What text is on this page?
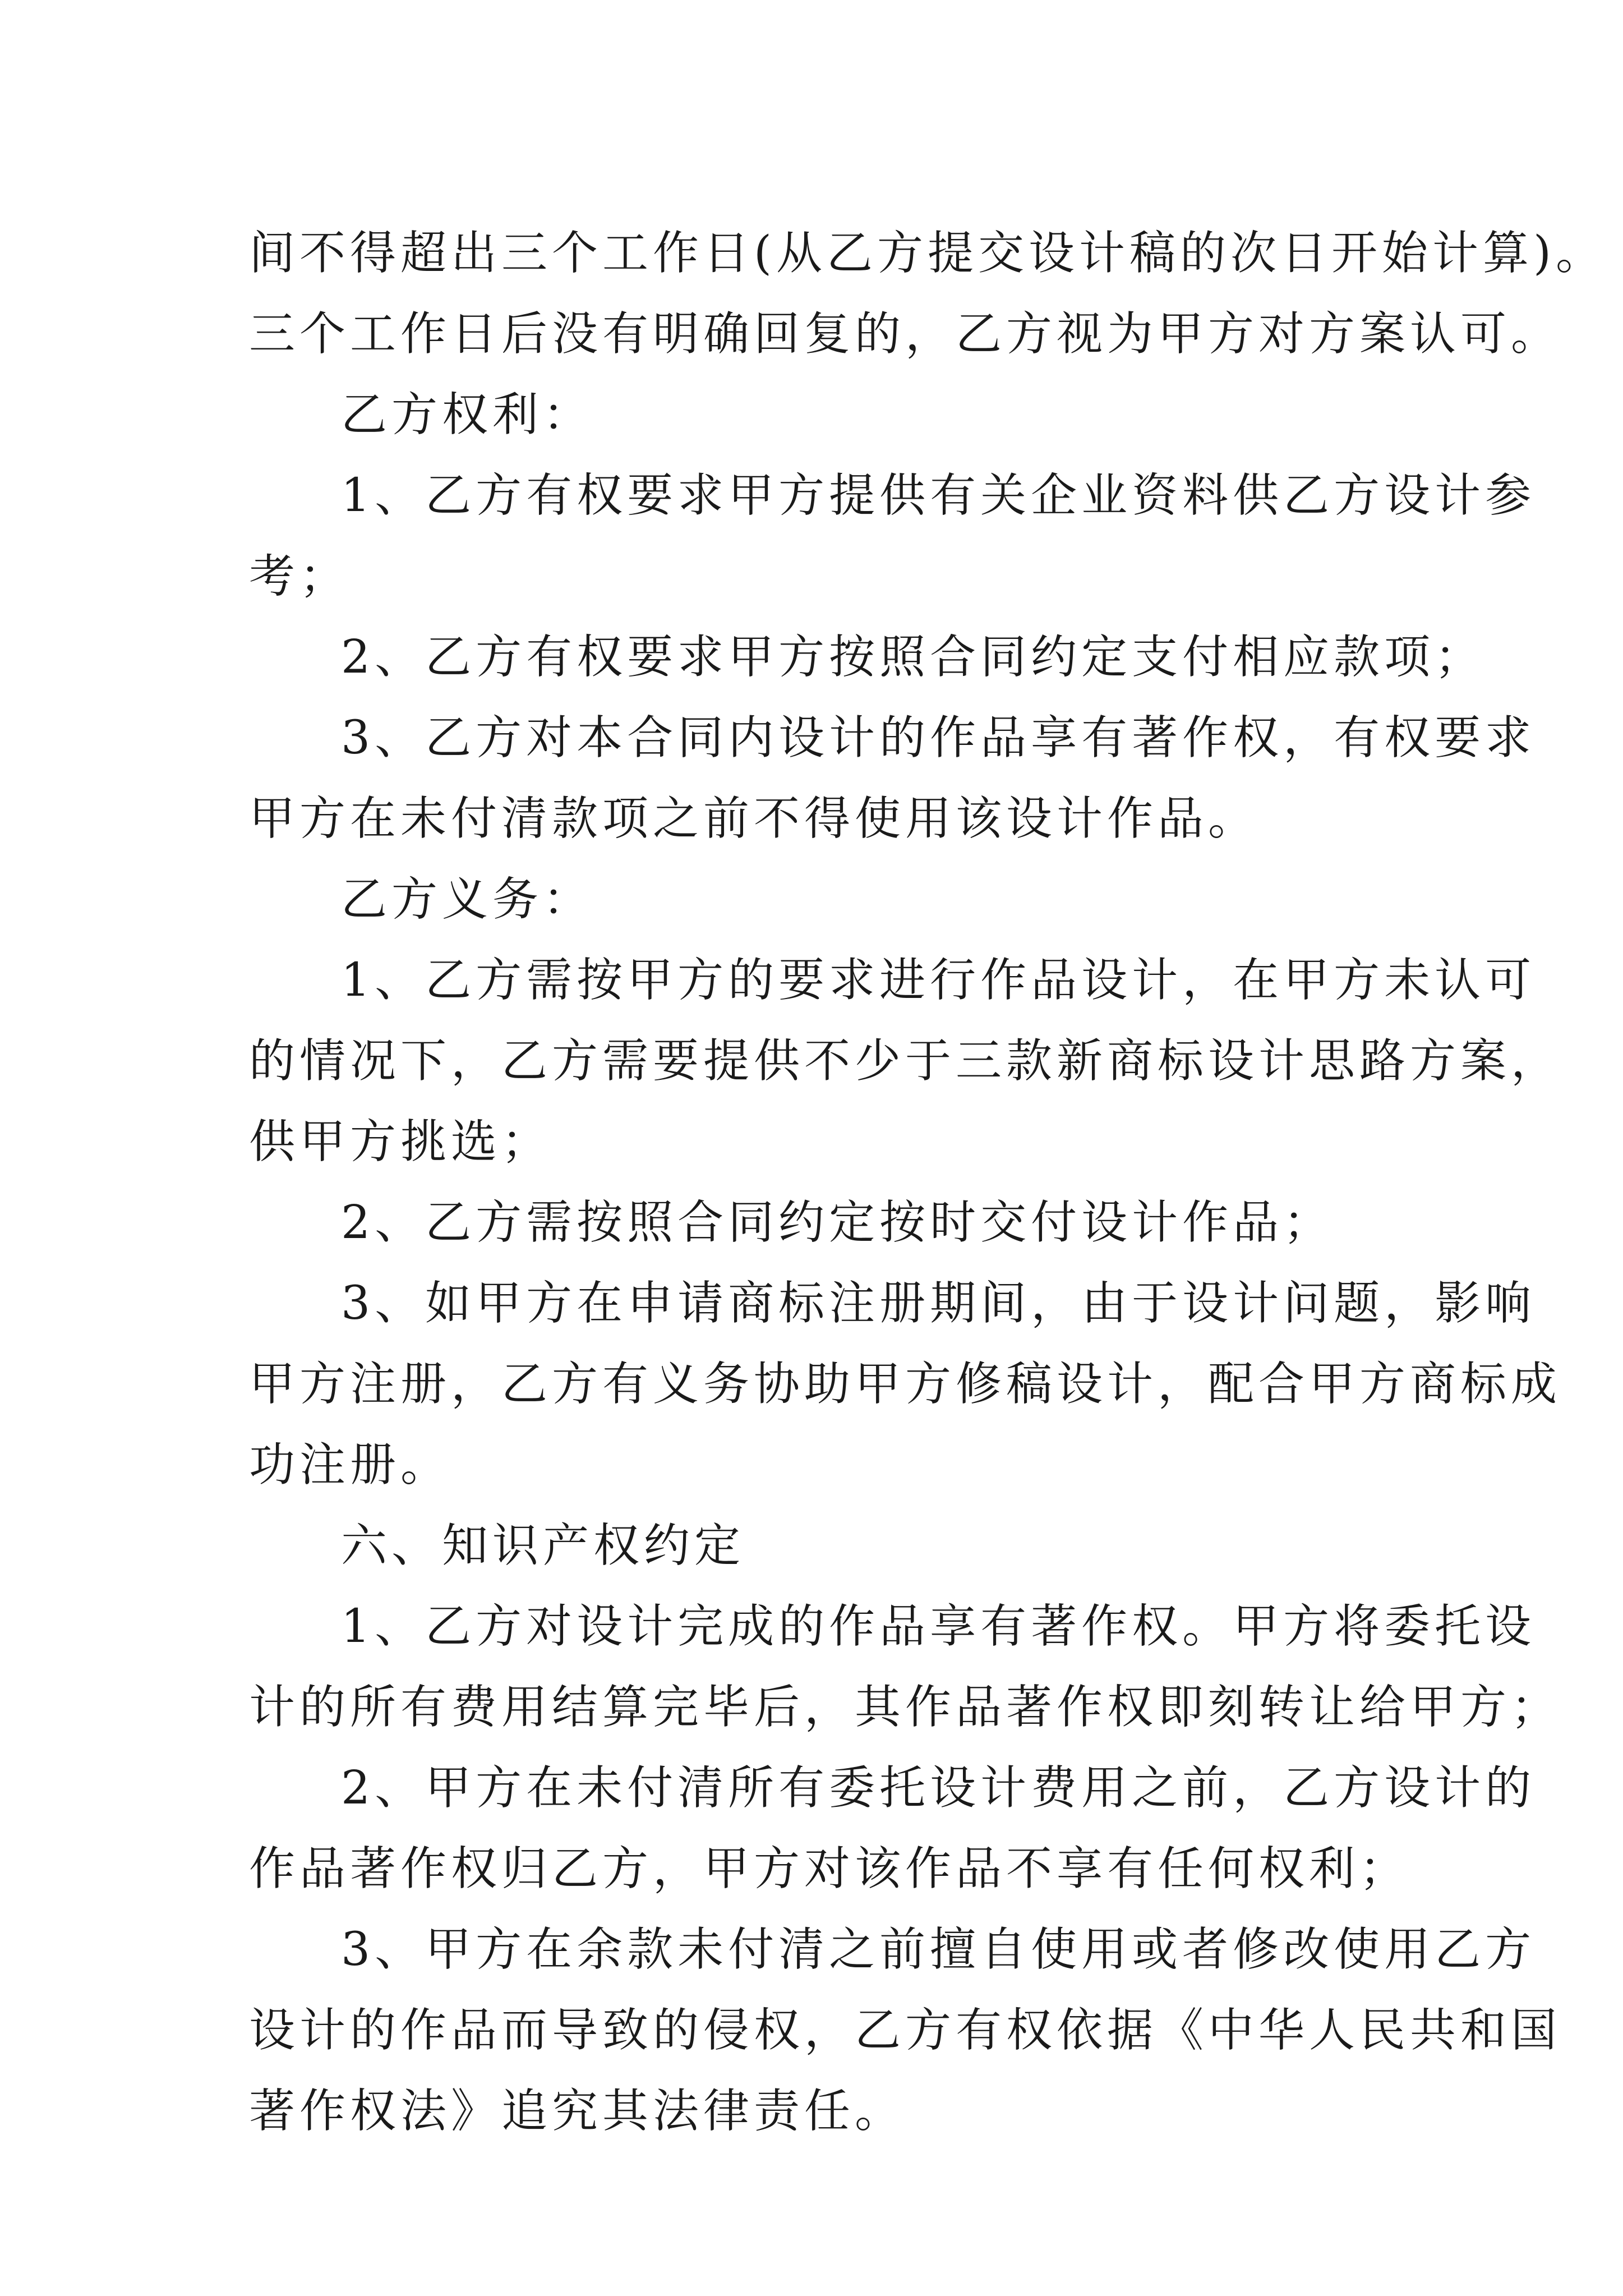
间不得超出三个工作日(从乙方提交设计稿的次日开始计算)。
三个工作日后没有明确回复的，乙方视为甲方对方案认可。
乙方权利：
1、乙方有权要求甲方提供有关企业资料供乙方设计参
考；
2、乙方有权要求甲方按照合同约定支付相应款项；
3、乙方对本合同内设计的作品享有著作权，有权要求
甲方在未付清款项之前不得使用该设计作品。
乙方义务：
1、乙方需按甲方的要求进行作品设计，在甲方未认可
的情况下，乙方需要提供不少于三款新商标设计思路方案，
供甲方挑选；
2、乙方需按照合同约定按时交付设计作品；
3、如甲方在申请商标注册期间，由于设计问题，影响
甲方注册，乙方有义务协助甲方修稿设计，配合甲方商标成
功注册。
六、知识产权约定
1、乙方对设计完成的作品享有著作权。甲方将委托设
计的所有费用结算完毕后，其作品著作权即刻转让给甲方；
2、甲方在未付清所有委托设计费用之前，乙方设计的
作品著作权归乙方，甲方对该作品不享有任何权利；
3、甲方在余款未付清之前擅自使用或者修改使用乙方
设计的作品而导致的侵权，乙方有权依据《中华人民共和国
著作权法》追究其法律责任。
